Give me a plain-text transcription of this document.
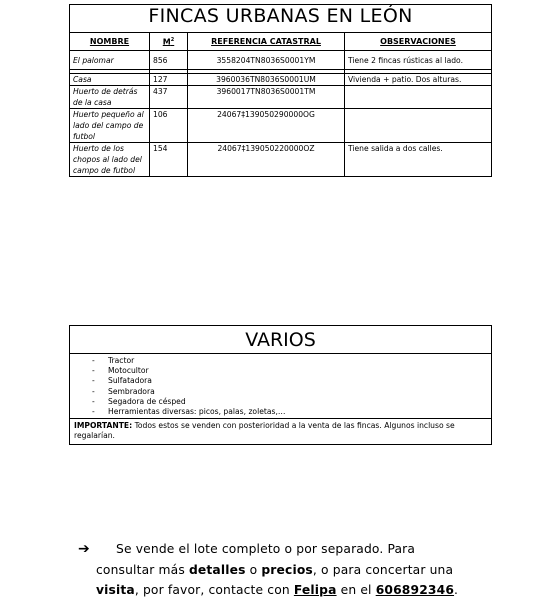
FINCAS URBANAS EN LEÓN			
NOMBRE	$M^2$	REFERENCIA CATASTRAL	OBSERVACIONES
El palomar	856	3558204TN8036S0001YM	Tiene 2 fincas rústicas al lado.

Casa	127	3960036TN8036S0001UM	Vivienda + patio. Dos alturas.
Huerto de detrás de la casa	437	3960017TN8036S0001TM	
Huerto pequeño al lado del campo de futbol	106	24067‡139050290000OG	
Huerto de los chopos al lado del campo de futbol	154	24067‡139050220000OZ	Tiene salida a dos calles.
VARIOS

- Tractor
- Motocultor
- Sulfatadora
- Sembradora
- Segadora de césped
- Herramientas diversas: picos, palas, zoletas,…

IMPORTANTE: Todos estos se venden con posterioridad a la venta de las fincas. Algunos incluso se regalarían.
➔	Se vende el lote completo o por separado. Para
consultar más detalles o precios, o para concertar una
visita, por favor, contacte con Felipa en el 606892346.
